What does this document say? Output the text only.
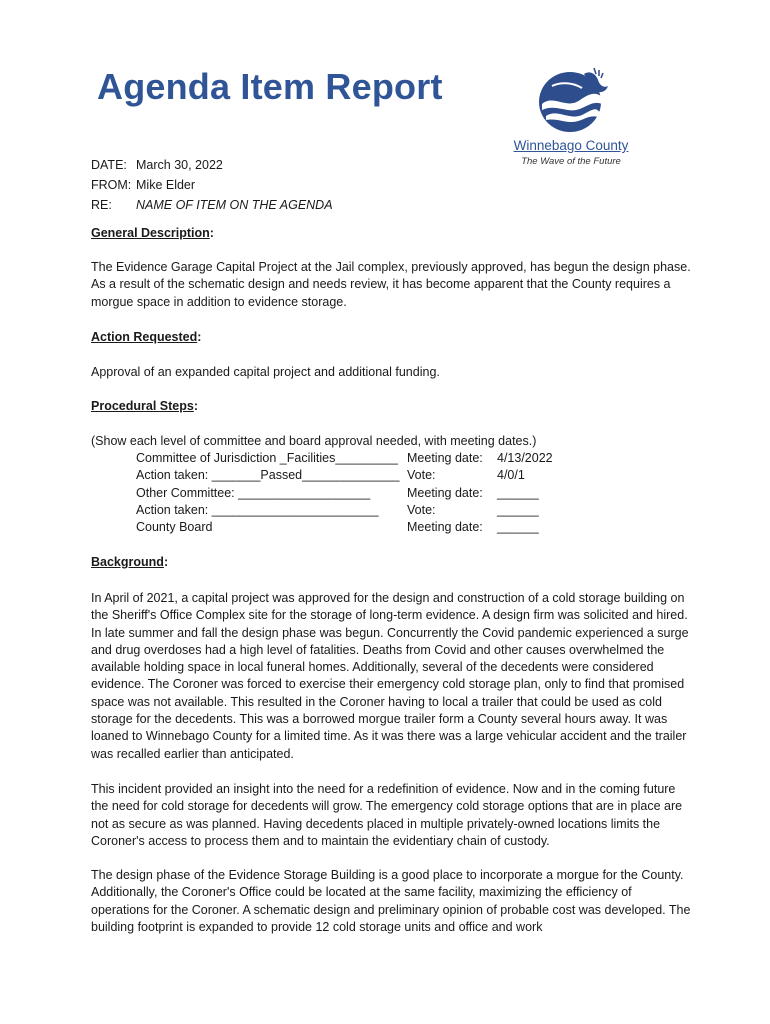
Agenda Item Report
Winnebago County
The Wave of the Future
DATE: March 30, 2022
FROM: Mike Elder
RE: NAME OF ITEM ON THE AGENDA
General Description:

The Evidence Garage Capital Project at the Jail complex, previously approved, has begun the design phase. As a result of the schematic design and needs review, it has become apparent that the County requires a morgue space in addition to evidence storage.

Action Requested:

Approval of an expanded capital project and additional funding.

Procedural Steps:
(Show each level of committee and board approval needed, with meeting dates.)
Committee of Jurisdiction _Facilities_________ Meeting date:	4/13/2022
Action taken: _______Passed______________ Vote:	4/0/1
Other Committee: ___________________	Meeting date:	______
Action taken: ________________________	Vote:	______
County Board	Meeting date:	______
Background:

In April of 2021, a capital project was approved for the design and construction of a cold storage building on the Sheriff's Office Complex site for the storage of long-term evidence. A design firm was solicited and hired. In late summer and fall the design phase was begun. Concurrently the Covid pandemic experienced a surge and drug overdoses had a high level of fatalities. Deaths from Covid and other causes overwhelmed the available holding space in local funeral homes. Additionally, several of the decedents were considered evidence. The Coroner was forced to exercise their emergency cold storage plan, only to find that promised space was not available. This resulted in the Coroner having to local a trailer that could be used as cold storage for the decedents. This was a borrowed morgue trailer form a County several hours away. It was loaned to Winnebago County for a limited time. As it was there was a large vehicular accident and the trailer was recalled earlier than anticipated.

This incident provided an insight into the need for a redefinition of evidence. Now and in the coming future the need for cold storage for decedents will grow. The emergency cold storage options that are in place are not as secure as was planned. Having decedents placed in multiple privately-owned locations limits the Coroner's access to process them and to maintain the evidentiary chain of custody.

The design phase of the Evidence Storage Building is a good place to incorporate a morgue for the County. Additionally, the Coroner's Office could be located at the same facility, maximizing the efficiency of operations for the Coroner. A schematic design and preliminary opinion of probable cost was developed. The building footprint is expanded to provide 12 cold storage units and office and work
